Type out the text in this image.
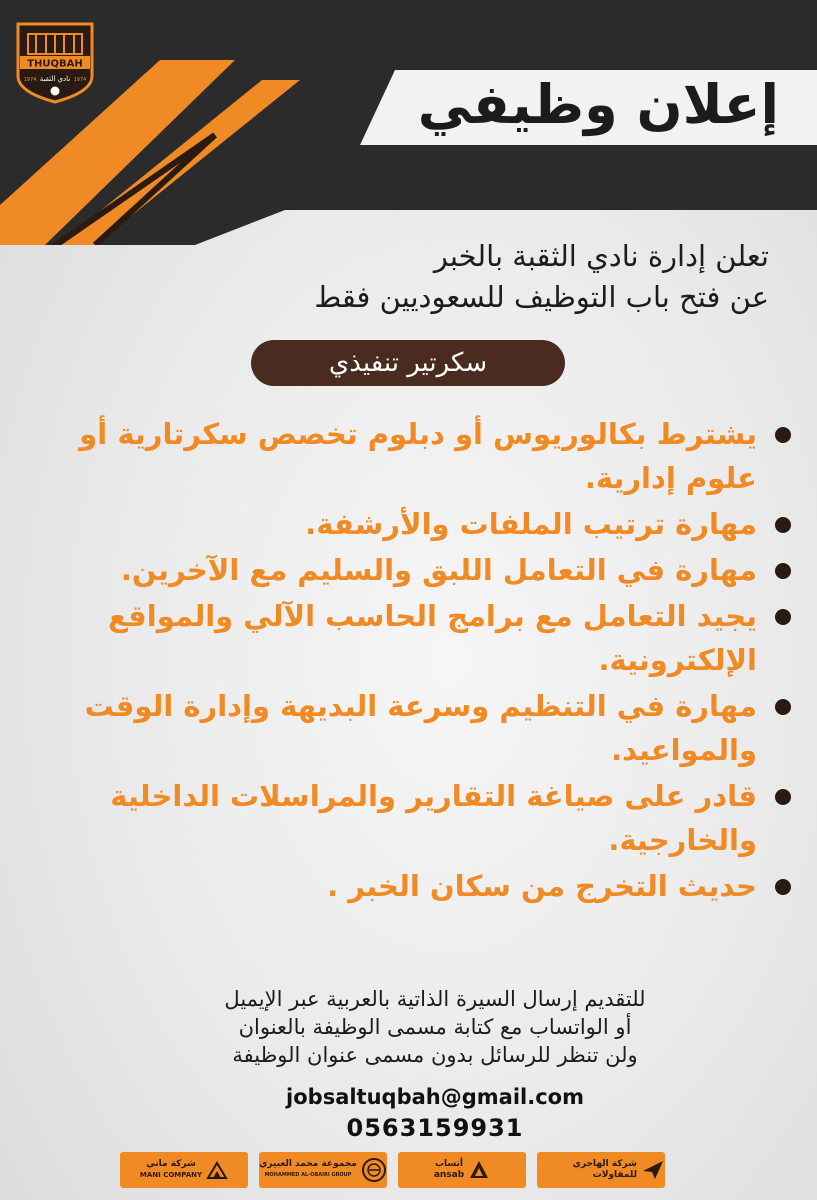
THUQBAH
نادي الثقبة
1974	1974	إعلان وظيفي
تعلن إدارة نادي الثقبة بالخبر
عن فتح باب التوظيف للسعوديين فقط
سكرتير تنفيذي
يشترط بكالوريوس أو دبلوم تخصص سكرتارية أو علوم إدارية.
مهارة ترتيب الملفات والأرشفة.
مهارة في التعامل اللبق والسليم مع الآخرين.
يجيد التعامل مع برامج الحاسب الآلي والمواقع الإلكترونية.
مهارة في التنظيم وسرعة البديهة وإدارة الوقت والمواعيد.
قادر على صياغة التقارير والمراسلات الداخلية والخارجية.
حديث التخرج من سكان الخبر .
للتقديم إرسال السيرة الذاتية بالعربية عبر الإيميل
أو الواتساب مع كتابة مسمى الوظيفة بالعنوان
ولن تنظر للرسائل بدون مسمى عنوان الوظيفة
jobsaltuqbah@gmail.com
0563159931
شركة ماني
MANI COMPANY
مجموعة محمد العبيري
MOHAMMED AL-OBAIRI GROUP
أنساب
ansab
شركة الهاجري للمقاولات
